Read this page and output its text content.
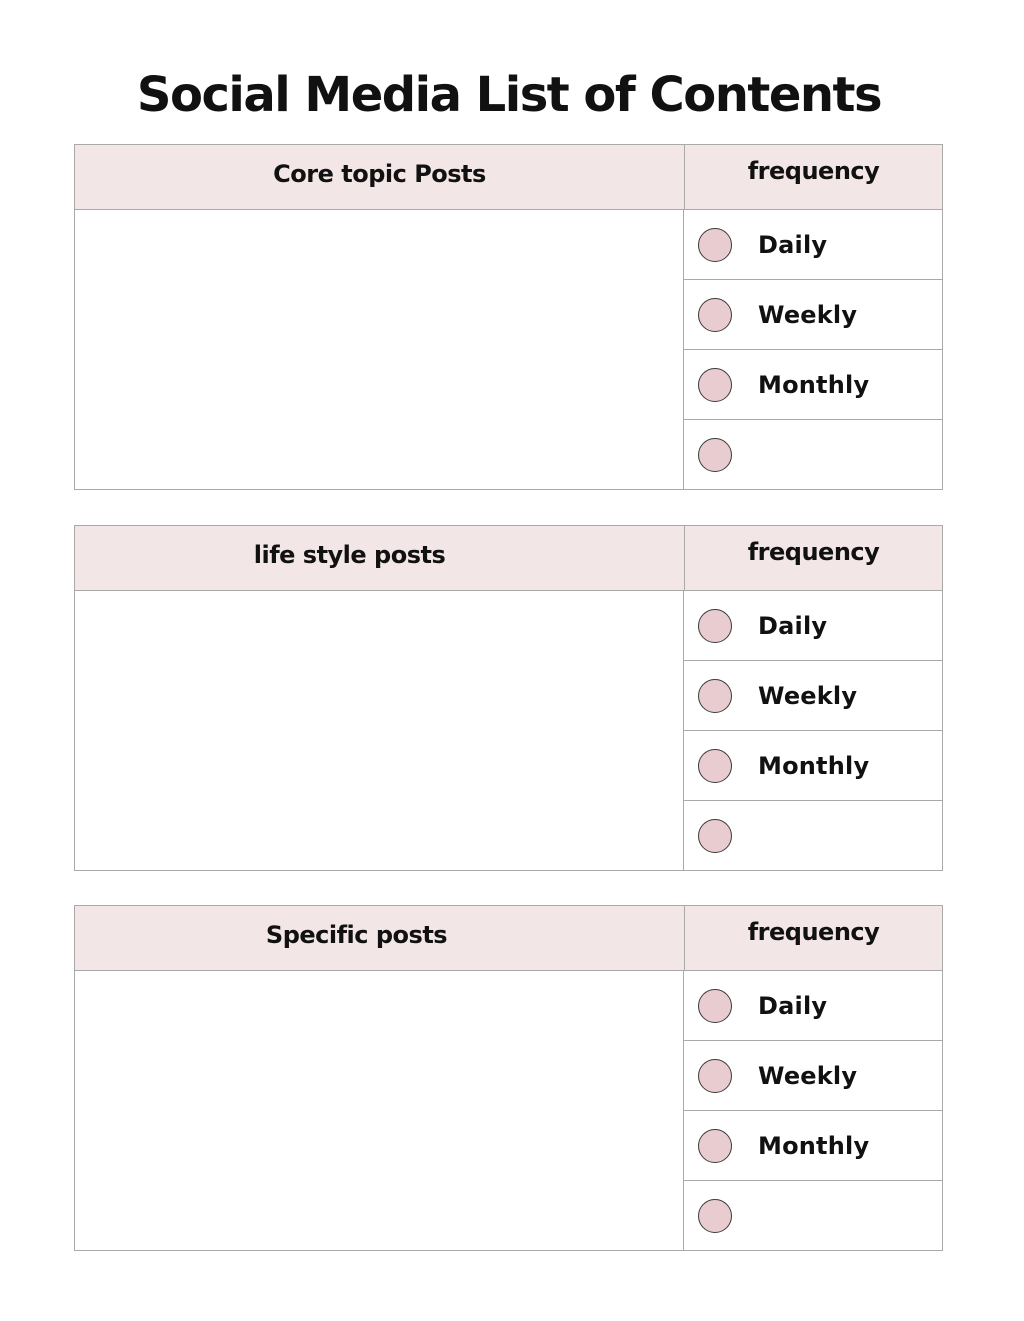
Social Media List of Contents
Core topic Posts	frequency
Daily
Weekly
Monthly
life style posts	frequency
Daily
Weekly
Monthly
Specific posts	frequency
Daily
Weekly
Monthly
